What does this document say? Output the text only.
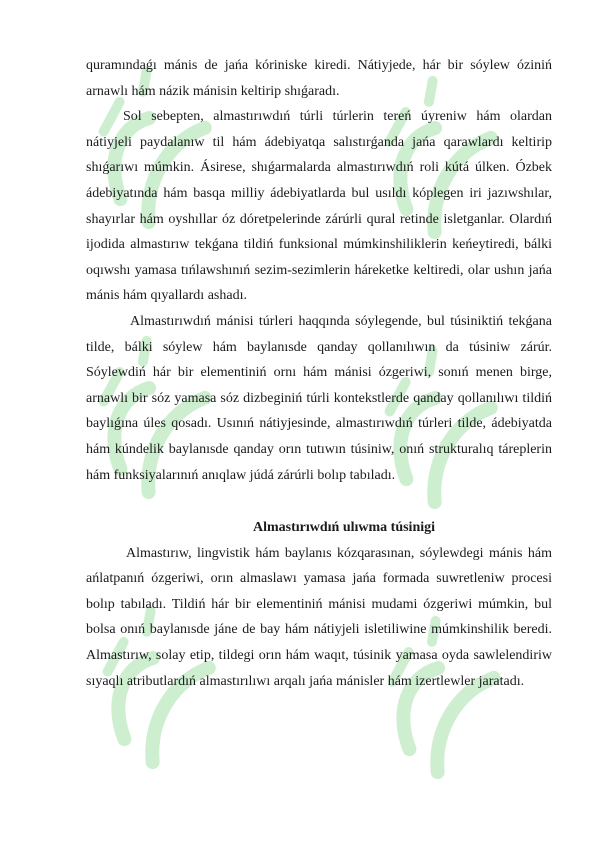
quramındaǵı mánis de jańa kóriniske kiredi. Nátiyjede, hár bir sóylew óziniń arnawlı hám názik mánisin keltirip shıǵaradı.

Sol sebepten, almastırıwdıń túrli túrlerin tereń úyreniw hám olardan nátiyjeli paydalanıw til hám ádebiyatqa salıstırǵanda jańa qarawlardı keltirip shıǵarıwı múmkin. Ásirese, shıǵarmalarda almastırıwdıń roli kútá úlken. Ózbek ádebiyatında hám basqa milliy ádebiyatlarda bul usıldı kóplegen iri jazıwshılar, shayırlar hám oyshıllar óz dóretpelerinde zárúrli qural retinde isletganlar. Olardıń ijodida almastırıw tekǵana tildiń funksional múmkinshiliklerin keńeytiredi, bálki oqıwshı yamasa tıńlawshınıń sezim-sezimlerin háreketke keltiredi, olar ushın jańa mánis hám qıyallardı ashadı.

Almastırıwdıń mánisi túrleri haqqında sóylegende, bul túsiniktiń tekǵana tilde, bálki sóylew hám baylanısde qanday qollanılıwın da túsiniw zárúr. Sóylewdiń hár bir elementiniń ornı hám mánisi ózgeriwi, sonıń menen birge, arnawlı bir sóz yamasa sóz dizbeginiń túrli kontekstlerde qanday qollanılıwı tildiń baylıǵına úles qosadı. Usınıń nátiyjesinde, almastırıwdıń túrleri tilde, ádebiyatda hám kúndelik baylanısde qanday orın tutıwın túsiniw, onıń strukturalıq táreplerin hám funksiyalarınıń anıqlaw júdá zárúrli bolıp tabıladı.

Almastırıwdıń ulıwma túsinigi

Almastırıw, lingvistik hám baylanıs kózqarasınan, sóylewdegi mánis hám ańlatpanıń ózgeriwi, orın almaslawı yamasa jańa formada suwretleniw procesi bolıp tabıladı. Tildiń hár bir elementiniń mánisi mudami ózgeriwi múmkin, bul bolsa onıń baylanısde jáne de bay hám nátiyjeli isletiliwine múmkinshilik beredi. Almastırıw, solay etip, tildegi orın hám waqıt, túsinik yamasa oyda sawlelendiriw sıyaqlı atributlardıń almastırılıwı arqalı jańa mánisler hám izertlewler jaratadı.
